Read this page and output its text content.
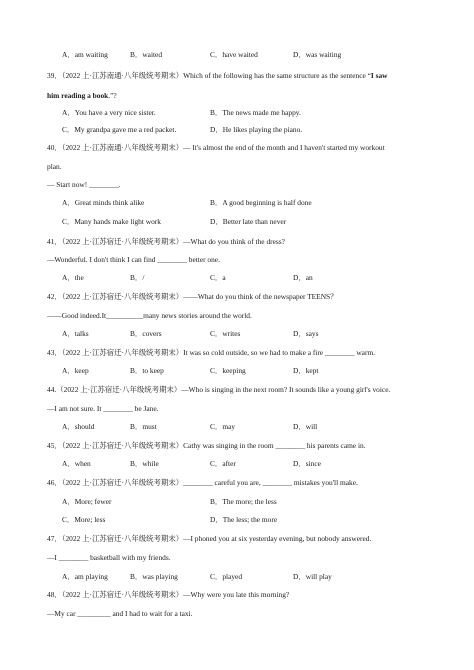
A．am waiting	B．waited	C．have waited	D．was waiting
39．（2022 上·江苏南通·八年级统考期末）Which of the following has the same structure as the sentence “I saw
him reading a book.”?
A．You have a very nice sister.	B．The news made me happy.
C．My grandpa gave me a red packet.	D．He likes playing the piano.
40．（2022 上·江苏南通·八年级统考期末）— It's almost the end of the month and I haven't started my workout
plan.
— Start now! ________.
A．Great minds think alike	B．A good beginning is half done
C．Many hands make light work	D．Better late than never
41．（2022 上·江苏宿迁·八年级统考期末）—What do you think of the dress?
—Wonderful. I don't think I can find ________ better one.
A．the	B．/	C．a	D．an
42．（2022 上·江苏宿迁·八年级统考期末）——What do you think of the newspaper TEENS？
——Good indeed.It__________many news stories around the world.
A．talks	B．covers	C．writes	D．says
43．（2022 上·江苏宿迁·八年级统考期末）It was so cold outside, so we had to make a fire ________ warm.
A．keep	B．to keep	C．keeping	D．kept
44.（2022 上·江苏宿迁·八年级统考期末）—Who is singing in the next room? It sounds like a young girl's voice.
—I am not sure. It ________ be Jane.
A．should	B．must	C．may	D．will
45．（2022 上·江苏宿迁·八年级统考期末）Cathy was singing in the room ________ his parents came in.
A．when	B．while	C．after	D．since
46．（2022 上·江苏宿迁·八年级统考期末）________ careful you are, ________ mistakes you'll make.
A．More; fewer	B．The more; the less
C．More; less	D．The less; the more
47．（2022 上·江苏宿迁·八年级统考期末）—I phoned you at six yesterday evening, but nobody answered.
—I ________ basketball with my friends.
A．am playing	B．was playing	C．played	D．will play
48．（2022 上·江苏宿迁·八年级统考期末）—Why were you late this morning?
—My car _________ and I had to wait for a taxi.
